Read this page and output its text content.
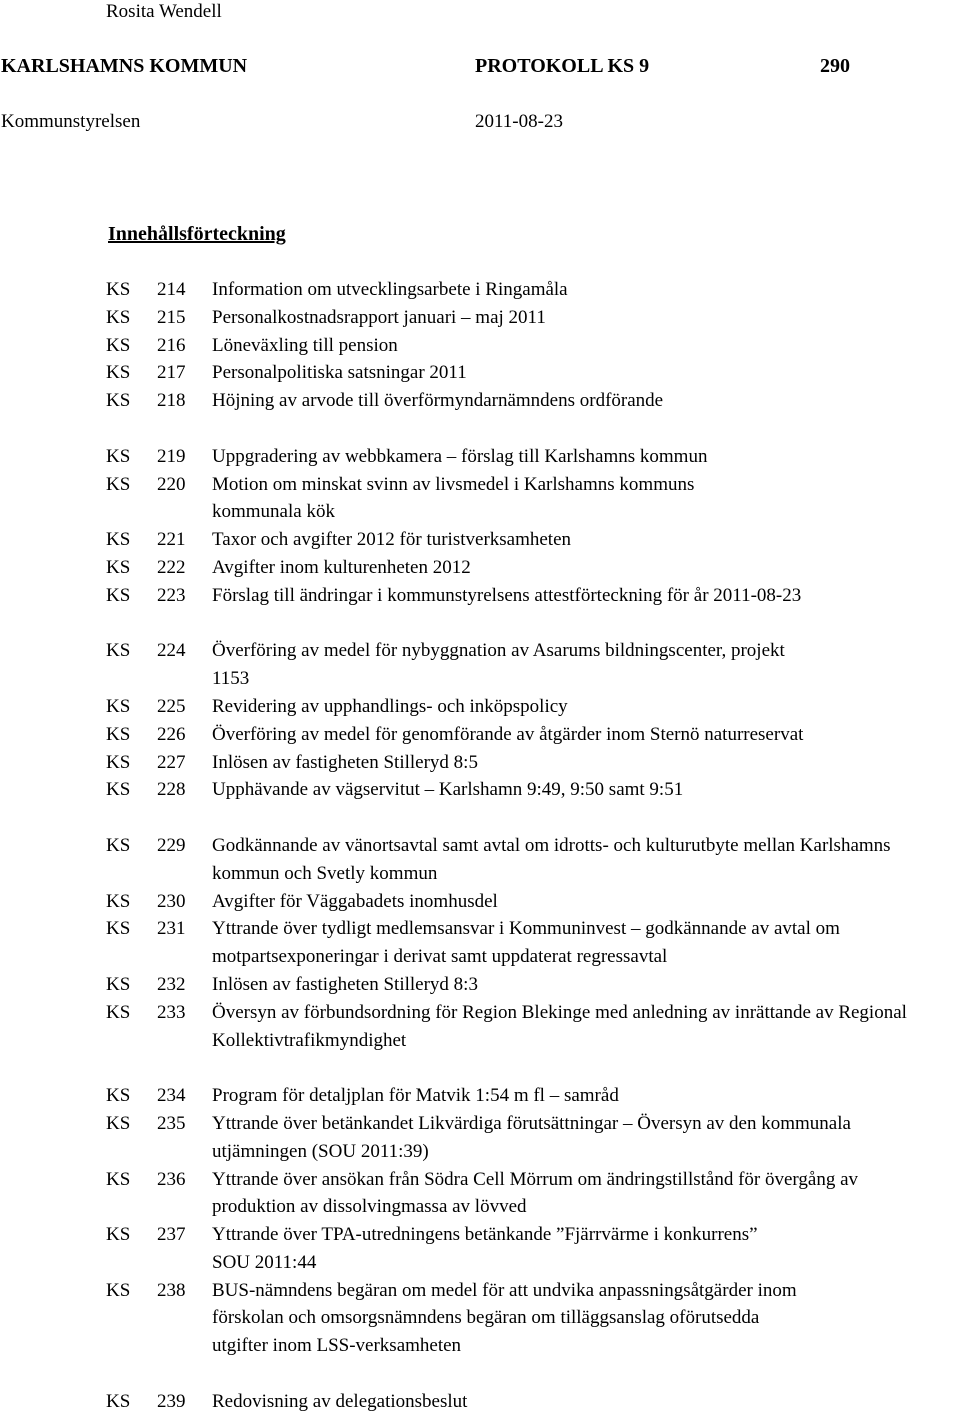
Rosita Wendell
KARLSHAMNS KOMMUN	PROTOKOLL KS 9	290
Kommunstyrelsen	2011-08-23
Innehållsförteckning
KS	214	Information om utvecklingsarbete i Ringamåla
KS	215	Personalkostnadsrapport januari – maj 2011
KS	216	Löneväxling till pension
KS	217	Personalpolitiska satsningar 2011
KS	218	Höjning av arvode till överförmyndarnämndens ordförande
KS	219	Uppgradering av webbkamera – förslag till Karlshamns kommun
KS	220	Motion om minskat svinn av livsmedel i Karlshamns kommuns
kommunala kök
KS	221	Taxor och avgifter 2012 för turistverksamheten
KS	222	Avgifter inom kulturenheten 2012
KS	223	Förslag till ändringar i kommunstyrelsens attestförteckning för år 2011-08-23
KS	224	Överföring av medel för nybyggnation av Asarums bildningscenter, projekt
1153
KS	225	Revidering av upphandlings- och inköpspolicy
KS	226	Överföring av medel för genomförande av åtgärder inom Sternö naturreservat
KS	227	Inlösen av fastigheten Stilleryd 8:5
KS	228	Upphävande av vägservitut – Karlshamn 9:49, 9:50 samt 9:51
KS	229	Godkännande av vänortsavtal samt avtal om idrotts- och kulturutbyte mellan Karlshamns
kommun och Svetly kommun
KS	230	Avgifter för Väggabadets inomhusdel
KS	231	Yttrande över tydligt medlemsansvar i Kommuninvest – godkännande av avtal om
motpartsexponeringar i derivat samt uppdaterat regressavtal
KS	232	Inlösen av fastigheten Stilleryd 8:3
KS	233	Översyn av förbundsordning för Region Blekinge med anledning av inrättande av Regional
Kollektivtrafikmyndighet
KS	234	Program för detaljplan för Matvik 1:54 m fl – samråd
KS	235	Yttrande över betänkandet Likvärdiga förutsättningar – Översyn av den kommunala
utjämningen (SOU 2011:39)
KS	236	Yttrande över ansökan från Södra Cell Mörrum om ändringstillstånd för övergång av
produktion av dissolvingmassa av lövved
KS	237	Yttrande över TPA-utredningens betänkande ”Fjärrvärme i konkurrens”
SOU 2011:44
KS	238	BUS-nämndens begäran om medel för att undvika anpassningsåtgärder inom
förskolan och omsorgsnämndens begäran om tilläggsanslag oförutsedda
utgifter inom LSS-verksamheten
KS	239	Redovisning av delegationsbeslut
